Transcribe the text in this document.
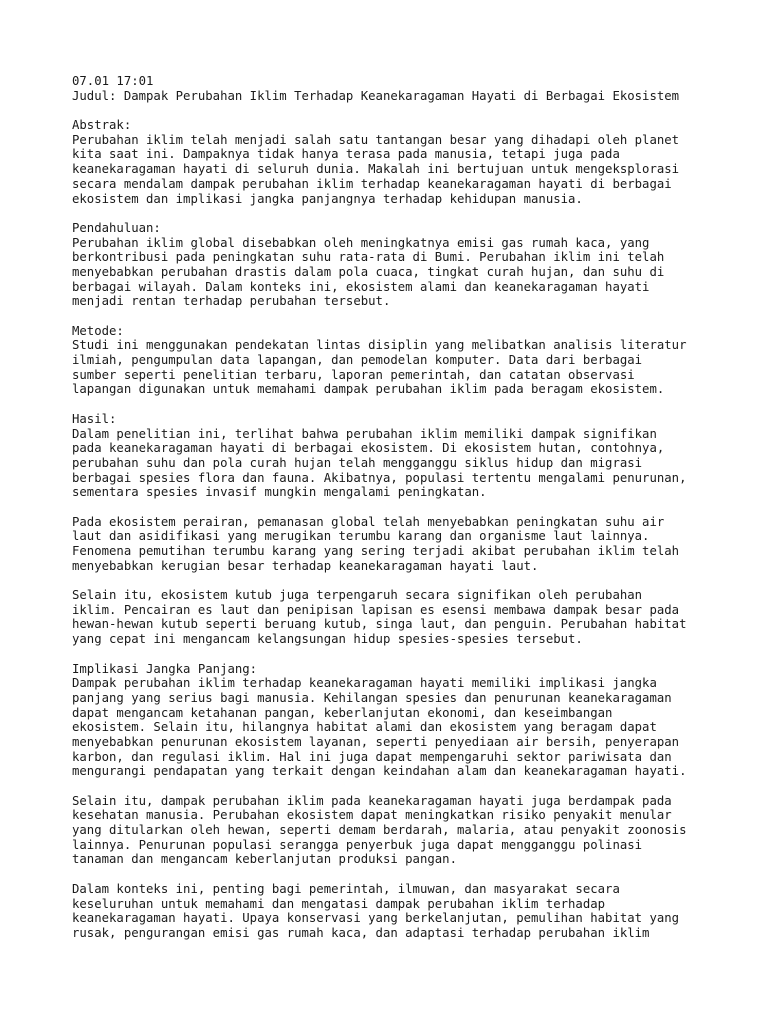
07.01 17:01
Judul: Dampak Perubahan Iklim Terhadap Keanekaragaman Hayati di Berbagai Ekosistem
Abstrak:
Perubahan iklim telah menjadi salah satu tantangan besar yang dihadapi oleh planet
kita saat ini. Dampaknya tidak hanya terasa pada manusia, tetapi juga pada
keanekaragaman hayati di seluruh dunia. Makalah ini bertujuan untuk mengeksplorasi
secara mendalam dampak perubahan iklim terhadap keanekaragaman hayati di berbagai
ekosistem dan implikasi jangka panjangnya terhadap kehidupan manusia.
Pendahuluan:
Perubahan iklim global disebabkan oleh meningkatnya emisi gas rumah kaca, yang
berkontribusi pada peningkatan suhu rata-rata di Bumi. Perubahan iklim ini telah
menyebabkan perubahan drastis dalam pola cuaca, tingkat curah hujan, dan suhu di
berbagai wilayah. Dalam konteks ini, ekosistem alami dan keanekaragaman hayati
menjadi rentan terhadap perubahan tersebut.
Metode:
Studi ini menggunakan pendekatan lintas disiplin yang melibatkan analisis literatur
ilmiah, pengumpulan data lapangan, dan pemodelan komputer. Data dari berbagai
sumber seperti penelitian terbaru, laporan pemerintah, dan catatan observasi
lapangan digunakan untuk memahami dampak perubahan iklim pada beragam ekosistem.
Hasil:
Dalam penelitian ini, terlihat bahwa perubahan iklim memiliki dampak signifikan
pada keanekaragaman hayati di berbagai ekosistem. Di ekosistem hutan, contohnya,
perubahan suhu dan pola curah hujan telah mengganggu siklus hidup dan migrasi
berbagai spesies flora dan fauna. Akibatnya, populasi tertentu mengalami penurunan,
sementara spesies invasif mungkin mengalami peningkatan.
Pada ekosistem perairan, pemanasan global telah menyebabkan peningkatan suhu air
laut dan asidifikasi yang merugikan terumbu karang dan organisme laut lainnya.
Fenomena pemutihan terumbu karang yang sering terjadi akibat perubahan iklim telah
menyebabkan kerugian besar terhadap keanekaragaman hayati laut.
Selain itu, ekosistem kutub juga terpengaruh secara signifikan oleh perubahan
iklim. Pencairan es laut dan penipisan lapisan es esensi membawa dampak besar pada
hewan-hewan kutub seperti beruang kutub, singa laut, dan penguin. Perubahan habitat
yang cepat ini mengancam kelangsungan hidup spesies-spesies tersebut.
Implikasi Jangka Panjang:
Dampak perubahan iklim terhadap keanekaragaman hayati memiliki implikasi jangka
panjang yang serius bagi manusia. Kehilangan spesies dan penurunan keanekaragaman
dapat mengancam ketahanan pangan, keberlanjutan ekonomi, dan keseimbangan
ekosistem. Selain itu, hilangnya habitat alami dan ekosistem yang beragam dapat
menyebabkan penurunan ekosistem layanan, seperti penyediaan air bersih, penyerapan
karbon, dan regulasi iklim. Hal ini juga dapat mempengaruhi sektor pariwisata dan
mengurangi pendapatan yang terkait dengan keindahan alam dan keanekaragaman hayati.
Selain itu, dampak perubahan iklim pada keanekaragaman hayati juga berdampak pada
kesehatan manusia. Perubahan ekosistem dapat meningkatkan risiko penyakit menular
yang ditularkan oleh hewan, seperti demam berdarah, malaria, atau penyakit zoonosis
lainnya. Penurunan populasi serangga penyerbuk juga dapat mengganggu polinasi
tanaman dan mengancam keberlanjutan produksi pangan.
Dalam konteks ini, penting bagi pemerintah, ilmuwan, dan masyarakat secara
keseluruhan untuk memahami dan mengatasi dampak perubahan iklim terhadap
keanekaragaman hayati. Upaya konservasi yang berkelanjutan, pemulihan habitat yang
rusak, pengurangan emisi gas rumah kaca, dan adaptasi terhadap perubahan iklim
